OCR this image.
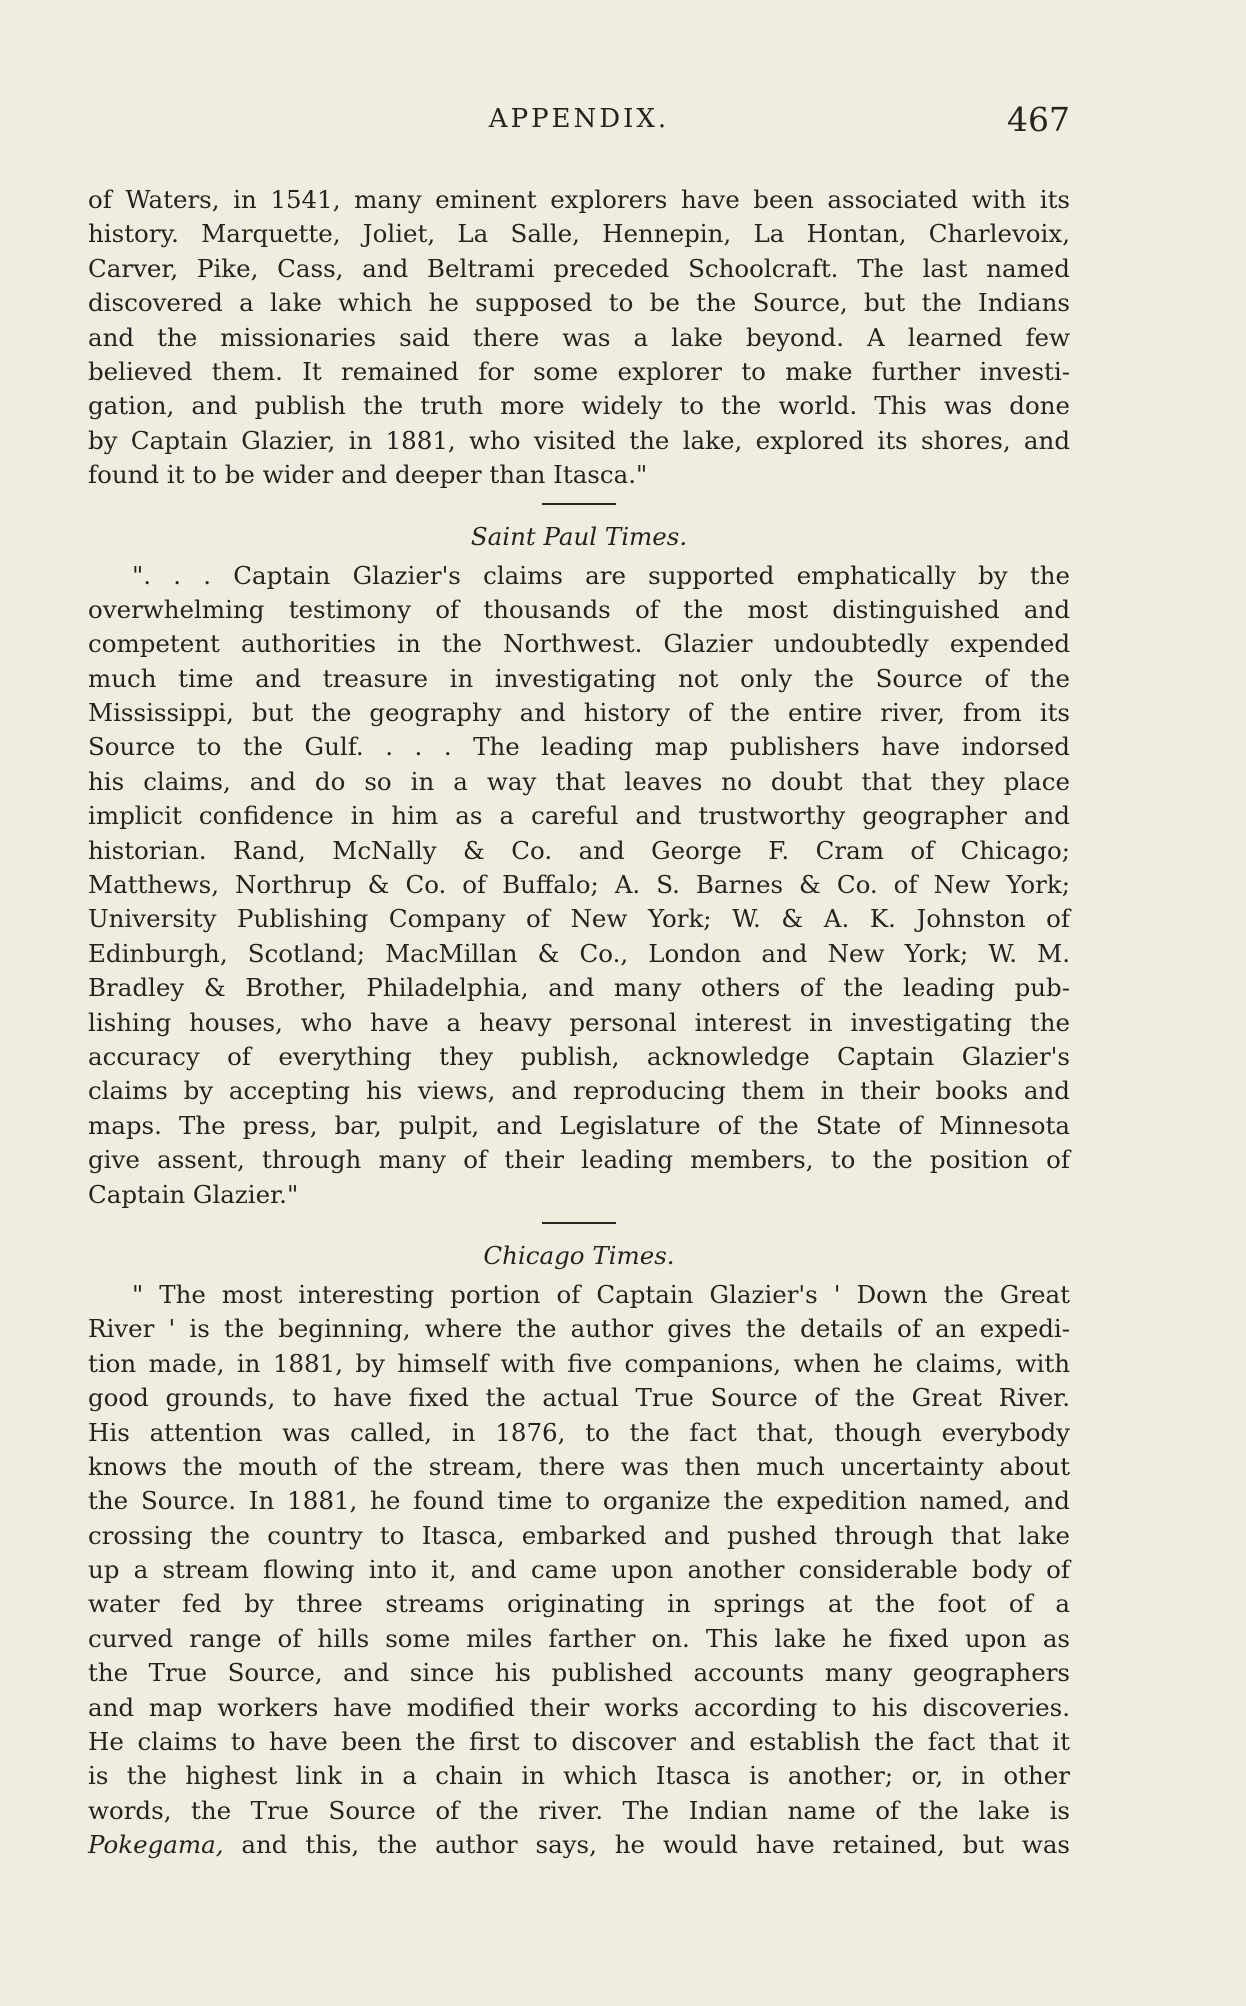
APPENDIX.	467
of Waters, in 1541, many eminent explorers have been associated with its
history. Marquette, Joliet, La Salle, Hennepin, La Hontan, Charlevoix,
Carver, Pike, Cass, and Beltrami preceded Schoolcraft. The last named
discovered a lake which he supposed to be the Source, but the Indians
and the missionaries said there was a lake beyond. A learned few
believed them. It remained for some explorer to make further investi-
gation, and publish the truth more widely to the world. This was done
by Captain Glazier, in 1881, who visited the lake, explored its shores, and
found it to be wider and deeper than Itasca."
Saint Paul Times.
". . . Captain Glazier's claims are supported emphatically by the
overwhelming testimony of thousands of the most distinguished and
competent authorities in the Northwest. Glazier undoubtedly expended
much time and treasure in investigating not only the Source of the
Mississippi, but the geography and history of the entire river, from its
Source to the Gulf. . . . The leading map publishers have indorsed
his claims, and do so in a way that leaves no doubt that they place
implicit confidence in him as a careful and trustworthy geographer and
historian. Rand, McNally & Co. and George F. Cram of Chicago;
Matthews, Northrup & Co. of Buffalo; A. S. Barnes & Co. of New York;
University Publishing Company of New York; W. & A. K. Johnston of
Edinburgh, Scotland; MacMillan & Co., London and New York; W. M.
Bradley & Brother, Philadelphia, and many others of the leading pub-
lishing houses, who have a heavy personal interest in investigating the
accuracy of everything they publish, acknowledge Captain Glazier's
claims by accepting his views, and reproducing them in their books and
maps. The press, bar, pulpit, and Legislature of the State of Minnesota
give assent, through many of their leading members, to the position of
Captain Glazier."
Chicago Times.
" The most interesting portion of Captain Glazier's ' Down the Great
River ' is the beginning, where the author gives the details of an expedi-
tion made, in 1881, by himself with five companions, when he claims, with
good grounds, to have fixed the actual True Source of the Great River.
His attention was called, in 1876, to the fact that, though everybody
knows the mouth of the stream, there was then much uncertainty about
the Source. In 1881, he found time to organize the expedition named, and
crossing the country to Itasca, embarked and pushed through that lake
up a stream flowing into it, and came upon another considerable body of
water fed by three streams originating in springs at the foot of a
curved range of hills some miles farther on. This lake he fixed upon as
the True Source, and since his published accounts many geographers
and map workers have modified their works according to his discoveries.
He claims to have been the first to discover and establish the fact that it
is the highest link in a chain in which Itasca is another; or, in other
words, the True Source of the river. The Indian name of the lake is
Pokegama, and this, the author says, he would have retained, but was
